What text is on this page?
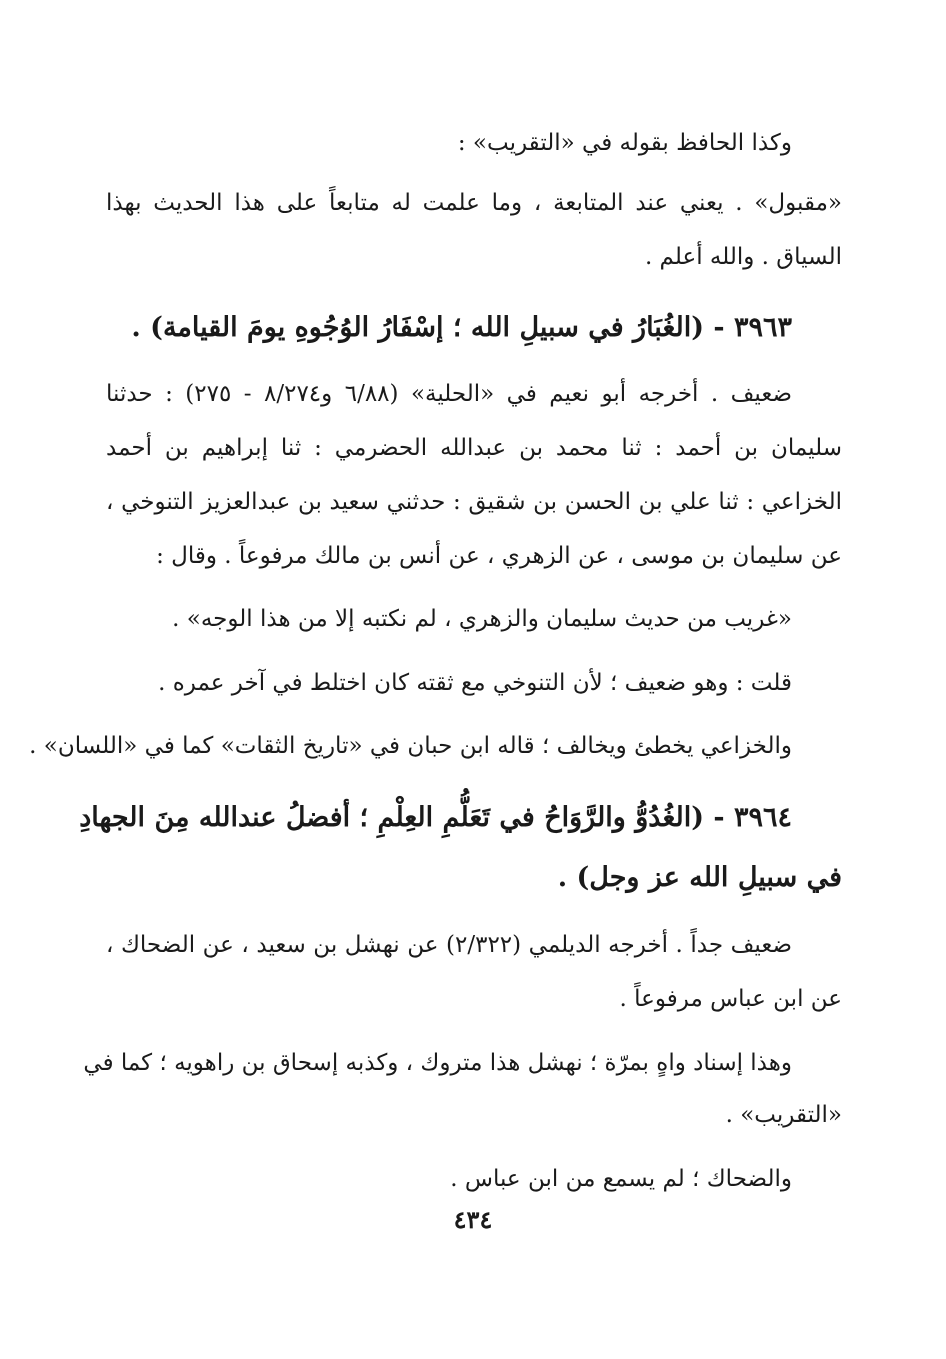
وكذا الحافظ بقوله في «التقريب» :
«مقبول» . يعني عند المتابعة ، وما علمت له متابعاً على هذا الحديث بهذا
السياق . والله أعلم .
٣٩٦٣ - (الغُبَارُ في سبيلِ الله ؛ إسْفَارُ الوُجُوهِ يومَ القيامة) .
ضعيف . أخرجه أبو نعيم في «الحلية» (٦/٨٨ و٨/٢٧٤ - ٢٧٥) : حدثنا
سليمان بن أحمد : ثنا محمد بن عبدالله الحضرمي : ثنا إبراهيم بن أحمد
الخزاعي : ثنا علي بن الحسن بن شقيق : حدثني سعيد بن عبدالعزيز التنوخي ،
عن سليمان بن موسى ، عن الزهري ، عن أنس بن مالك مرفوعاً . وقال :
«غريب من حديث سليمان والزهري ، لم نكتبه إلا من هذا الوجه» .
قلت : وهو ضعيف ؛ لأن التنوخي مع ثقته كان اختلط في آخر عمره .
والخزاعي يخطئ ويخالف ؛ قاله ابن حبان في «تاريخ الثقات» كما في «اللسان» .
٣٩٦٤ - (الغُدُوُّ والرَّوَاحُ في تَعَلُّمِ العِلْمِ ؛ أفضلُ عندالله مِنَ الجهادِ
في سبيلِ الله عز وجل) .
ضعيف جداً . أخرجه الديلمي (٢/٣٢٢) عن نهشل بن سعيد ، عن الضحاك ،
عن ابن عباس مرفوعاً .
وهذا إسناد واهٍ بمرّة ؛ نهشل هذا متروك ، وكذبه إسحاق بن راهويه ؛ كما في
«التقريب» .
والضحاك ؛ لم يسمع من ابن عباس .
٤٣٤
